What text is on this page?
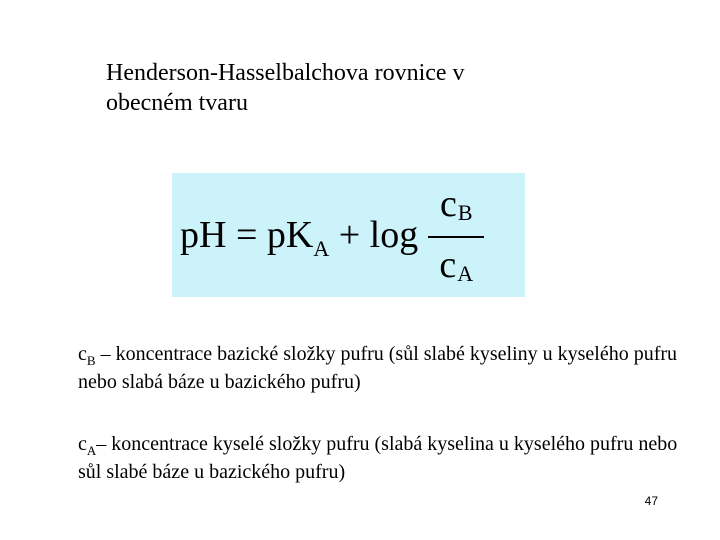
Henderson-Hasselbalchova rovnice v
obecném tvaru
pH = pK $A + \log \frac{\text{c B}}{\text{c A}}$
$c_B$ – koncentrace bazické složky pufru (sůl slabé kyseliny u kyselého pufru nebo slabá báze u bazického pufru)
$c_A-$ koncentrace kyselé složky pufru (slabá kyselina u kyselého pufru nebo sůl slabé báze u bazického pufru)
47
